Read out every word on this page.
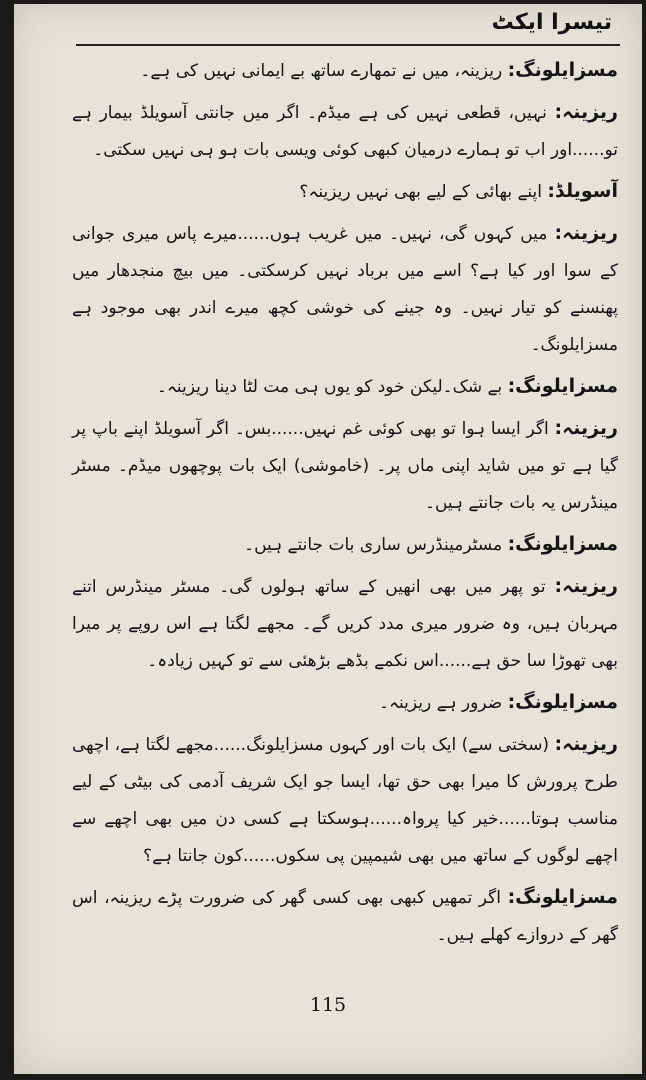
تیسرا ایکٹ

مسزایلونگ: ریزینہ، میں نے تمھارے ساتھ بے ایمانی نہیں کی ہے۔

ریزینہ: نہیں، قطعی نہیں کی ہے میڈم۔ اگر میں جانتی آسویلڈ بیمار ہے تو......اور اب تو ہمارے درمیان کبھی کوئی ویسی بات ہو ہی نہیں سکتی۔

آسویلڈ: اپنے بھائی کے لیے بھی نہیں ریزینہ؟

ریزینہ: میں کہوں گی، نہیں۔ میں غریب ہوں......میرے پاس میری جوانی کے سوا اور کیا ہے؟ اسے میں برباد نہیں کرسکتی۔ میں بیچ منجدھار میں پھنسنے کو تیار نہیں۔ وہ جینے کی خوشی کچھ میرے اندر بھی موجود ہے مسزایلونگ۔

مسزایلونگ: بے شک۔لیکن خود کو یوں ہی مت لٹا دینا ریزینہ۔

ریزینہ: اگر ایسا ہوا تو بھی کوئی غم نہیں......بس۔ اگر آسویلڈ اپنے باپ پر گیا ہے تو میں شاید اپنی ماں پر۔ (خاموشی) ایک بات پوچھوں میڈم۔ مسٹر مینڈرس یہ بات جانتے ہیں۔

مسزایلونگ: مسٹرمینڈرس ساری بات جانتے ہیں۔

ریزینہ: تو پھر میں بھی انھیں کے ساتھ ہولوں گی۔ مسٹر مینڈرس اتنے مہربان ہیں، وہ ضرور میری مدد کریں گے۔ مجھے لگتا ہے اس روپے پر میرا بھی تھوڑا سا حق ہے......اس نکمے بڈھے بڑھئی سے تو کہیں زیادہ۔

مسزایلونگ: ضرور ہے ریزینہ۔

ریزینہ: (سختی سے) ایک بات اور کہوں مسزایلونگ......مجھے لگتا ہے، اچھی طرح پرورش کا میرا بھی حق تھا، ایسا جو ایک شریف آدمی کی بیٹی کے لیے مناسب ہوتا......خیر کیا پرواہ......ہوسکتا ہے کسی دن میں بھی اچھے سے اچھے لوگوں کے ساتھ میں بھی شیمپین پی سکوں......کون جانتا ہے؟

مسزایلونگ: اگر تمھیں کبھی بھی کسی گھر کی ضرورت پڑے ریزینہ، اس گھر کے دروازے کھلے ہیں۔

115
